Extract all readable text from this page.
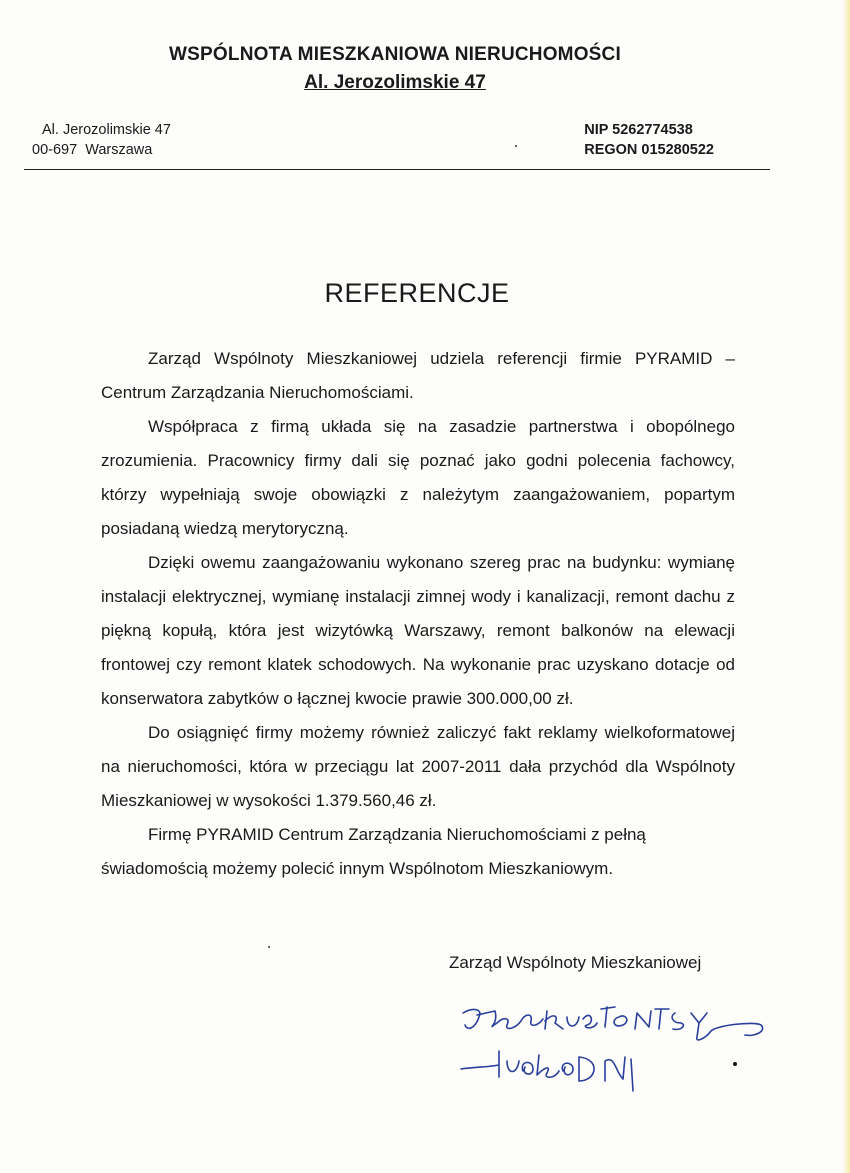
WSPÓLNOTA MIESZKANIOWA NIERUCHOMOŚCI
Al. Jerozolimskie 47
Al. Jerozolimskie 47
00-697  Warszawa
NIP 5262774538
REGON 015280522
REFERENCJE

Zarząd Wspólnoty Mieszkaniowej udziela referencji firmie PYRAMID – Centrum Zarządzania Nieruchomościami.

Współpraca z firmą układa się na zasadzie partnerstwa i obopólnego zrozumienia. Pracownicy firmy dali się poznać jako godni polecenia fachowcy, którzy wypełniają swoje obowiązki z należytym zaangażowaniem, popartym posiadaną wiedzą merytoryczną.

Dzięki owemu zaangażowaniu wykonano szereg prac na budynku: wymianę instalacji elektrycznej, wymianę instalacji zimnej wody i kanalizacji, remont dachu z piękną kopułą, która jest wizytówką Warszawy, remont balkonów na elewacji frontowej czy remont klatek schodowych. Na wykonanie prac uzyskano dotacje od konserwatora zabytków o łącznej kwocie prawie 300.000,00 zł.

Do osiągnięć firmy możemy również zaliczyć fakt reklamy wielkoformatowej na nieruchomości, która w przeciągu lat 2007-2011 dała przychód dla Wspólnoty Mieszkaniowej w wysokości 1.379.560,46 zł.

Firmę PYRAMID Centrum Zarządzania Nieruchomościami z pełną świadomością możemy polecić innym Wspólnotom Mieszkaniowym.

Zarząd Wspólnoty Mieszkaniowej
